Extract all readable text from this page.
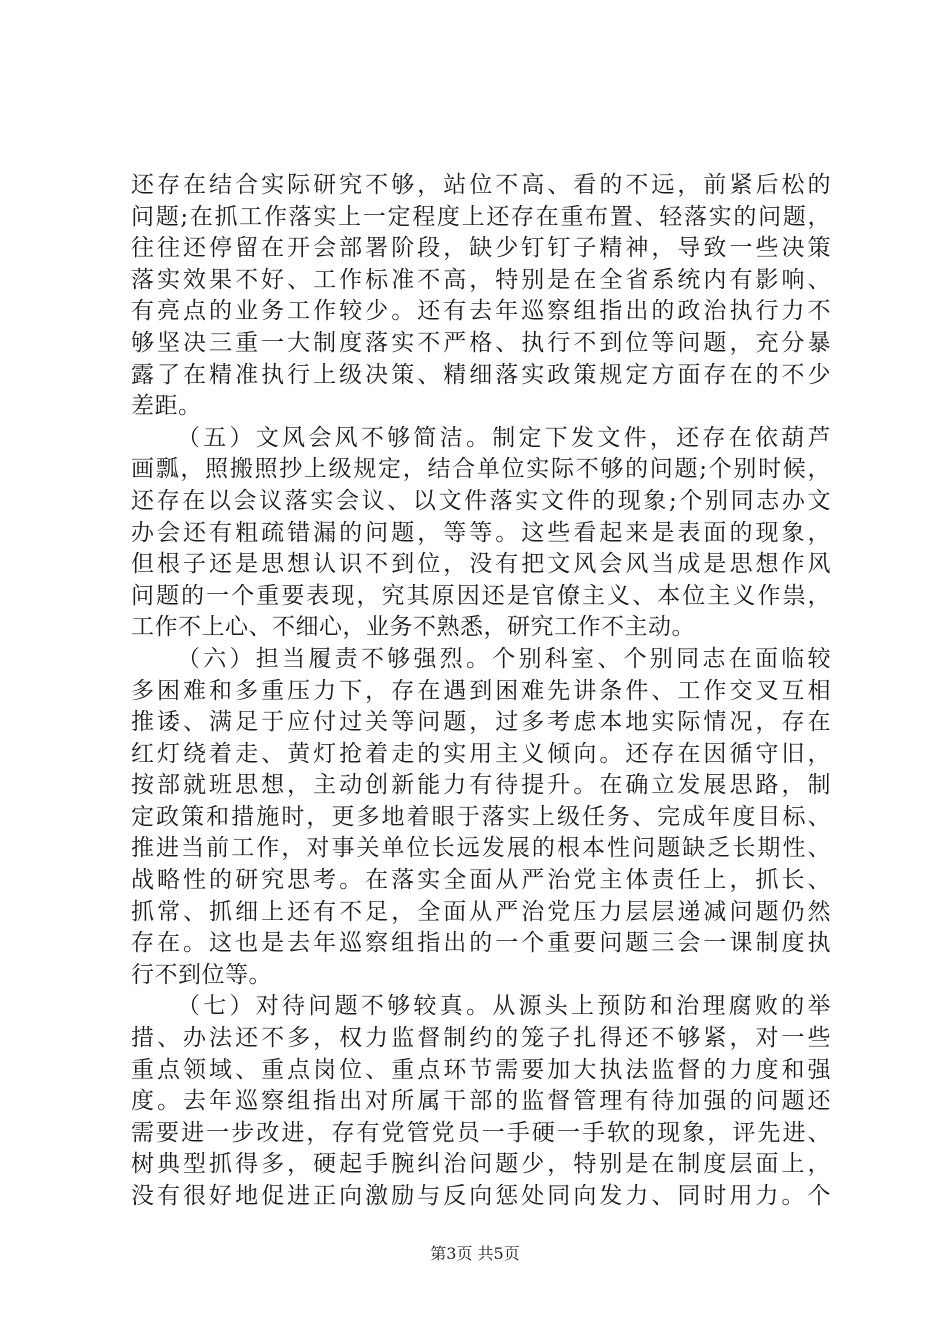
还存在结合实际研究不够，站位不高、看的不远，前紧后松的
问题;在抓工作落实上一定程度上还存在重布置、轻落实的问题，
往往还停留在开会部署阶段，缺少钉钉子精神，导致一些决策
落实效果不好、工作标准不高，特别是在全省系统内有影响、
有亮点的业务工作较少。还有去年巡察组指出的政治执行力不
够坚决三重一大制度落实不严格、执行不到位等问题，充分暴
露了在精准执行上级决策、精细落实政策规定方面存在的不少
差距。
（五）文风会风不够简洁。制定下发文件，还存在依葫芦
画瓢，照搬照抄上级规定，结合单位实际不够的问题;个别时候，
还存在以会议落实会议、以文件落实文件的现象;个别同志办文
办会还有粗疏错漏的问题，等等。这些看起来是表面的现象，
但根子还是思想认识不到位，没有把文风会风当成是思想作风
问题的一个重要表现，究其原因还是官僚主义、本位主义作祟，
工作不上心、不细心，业务不熟悉，研究工作不主动。
（六）担当履责不够强烈。个别科室、个别同志在面临较
多困难和多重压力下，存在遇到困难先讲条件、工作交叉互相
推诿、满足于应付过关等问题，过多考虑本地实际情况，存在
红灯绕着走、黄灯抢着走的实用主义倾向。还存在因循守旧，
按部就班思想，主动创新能力有待提升。在确立发展思路，制
定政策和措施时，更多地着眼于落实上级任务、完成年度目标、
推进当前工作，对事关单位长远发展的根本性问题缺乏长期性、
战略性的研究思考。在落实全面从严治党主体责任上，抓长、
抓常、抓细上还有不足，全面从严治党压力层层递减问题仍然
存在。这也是去年巡察组指出的一个重要问题三会一课制度执
行不到位等。
（七）对待问题不够较真。从源头上预防和治理腐败的举
措、办法还不多，权力监督制约的笼子扎得还不够紧，对一些
重点领域、重点岗位、重点环节需要加大执法监督的力度和强
度。去年巡察组指出对所属干部的监督管理有待加强的问题还
需要进一步改进，存有党管党员一手硬一手软的现象，评先进、
树典型抓得多，硬起手腕纠治问题少，特别是在制度层面上，
没有很好地促进正向激励与反向惩处同向发力、同时用力。个
第3页 共5页
